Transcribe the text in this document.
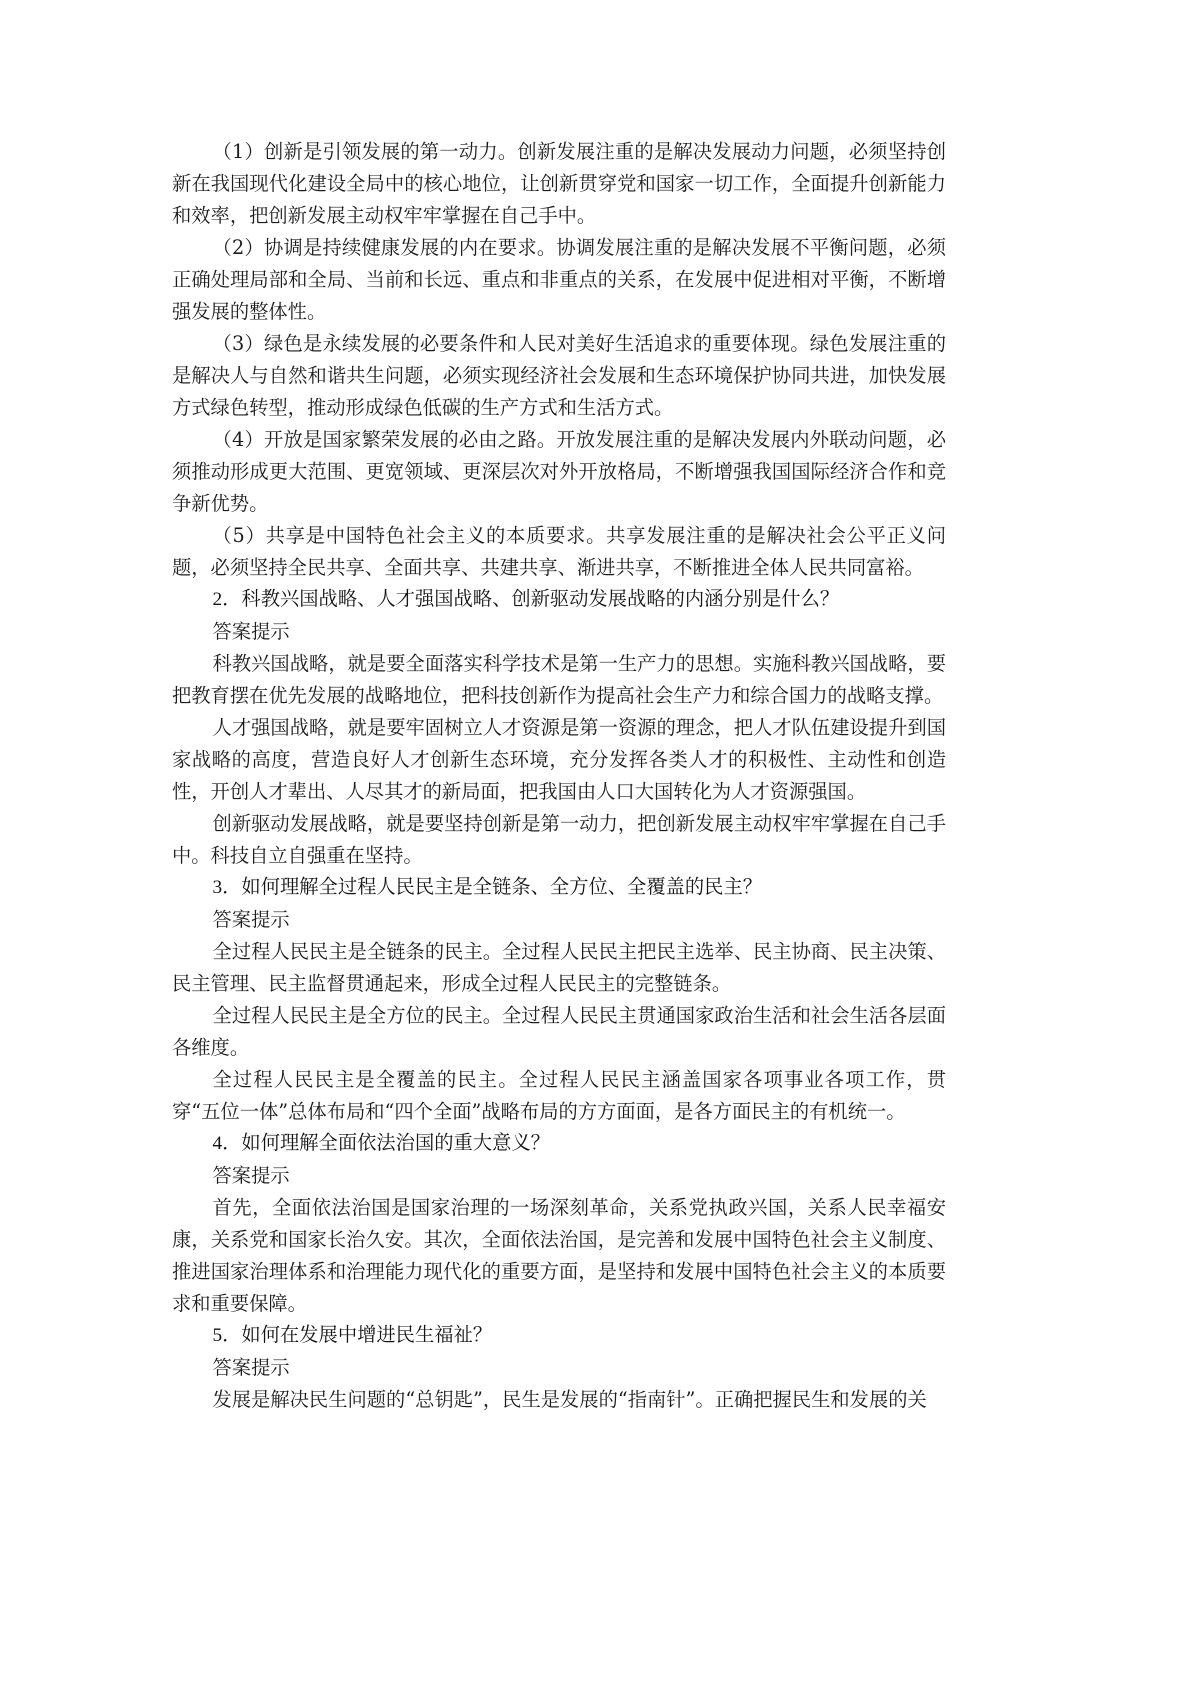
（1）创新是引领发展的第一动力。创新发展注重的是解决发展动力问题，必须坚持创新在我国现代化建设全局中的核心地位，让创新贯穿党和国家一切工作，全面提升创新能力和效率，把创新发展主动权牢牢掌握在自己手中。

（2）协调是持续健康发展的内在要求。协调发展注重的是解决发展不平衡问题，必须正确处理局部和全局、当前和长远、重点和非重点的关系，在发展中促进相对平衡，不断增强发展的整体性。

（3）绿色是永续发展的必要条件和人民对美好生活追求的重要体现。绿色发展注重的是解决人与自然和谐共生问题，必须实现经济社会发展和生态环境保护协同共进，加快发展方式绿色转型，推动形成绿色低碳的生产方式和生活方式。

（4）开放是国家繁荣发展的必由之路。开放发展注重的是解决发展内外联动问题，必须推动形成更大范围、更宽领域、更深层次对外开放格局，不断增强我国国际经济合作和竞争新优势。

（5）共享是中国特色社会主义的本质要求。共享发展注重的是解决社会公平正义问题，必须坚持全民共享、全面共享、共建共享、渐进共享，不断推进全体人民共同富裕。

2．科教兴国战略、人才强国战略、创新驱动发展战略的内涵分别是什么？

答案提示

科教兴国战略，就是要全面落实科学技术是第一生产力的思想。实施科教兴国战略，要把教育摆在优先发展的战略地位，把科技创新作为提高社会生产力和综合国力的战略支撑。

人才强国战略，就是要牢固树立人才资源是第一资源的理念，把人才队伍建设提升到国家战略的高度，营造良好人才创新生态环境，充分发挥各类人才的积极性、主动性和创造性，开创人才辈出、人尽其才的新局面，把我国由人口大国转化为人才资源强国。

创新驱动发展战略，就是要坚持创新是第一动力，把创新发展主动权牢牢掌握在自己手中。科技自立自强重在坚持。

3．如何理解全过程人民民主是全链条、全方位、全覆盖的民主？

答案提示

全过程人民民主是全链条的民主。全过程人民民主把民主选举、民主协商、民主决策、民主管理、民主监督贯通起来，形成全过程人民民主的完整链条。

全过程人民民主是全方位的民主。全过程人民民主贯通国家政治生活和社会生活各层面各维度。

全过程人民民主是全覆盖的民主。全过程人民民主涵盖国家各项事业各项工作，贯穿“五位一体”总体布局和“四个全面”战略布局的方方面面，是各方面民主的有机统一。

4．如何理解全面依法治国的重大意义？

答案提示

首先，全面依法治国是国家治理的一场深刻革命，关系党执政兴国，关系人民幸福安康，关系党和国家长治久安。其次，全面依法治国，是完善和发展中国特色社会主义制度、推进国家治理体系和治理能力现代化的重要方面，是坚持和发展中国特色社会主义的本质要求和重要保障。

5．如何在发展中增进民生福祉？

答案提示

发展是解决民生问题的“总钥匙”，民生是发展的“指南针”。正确把握民生和发展的关
